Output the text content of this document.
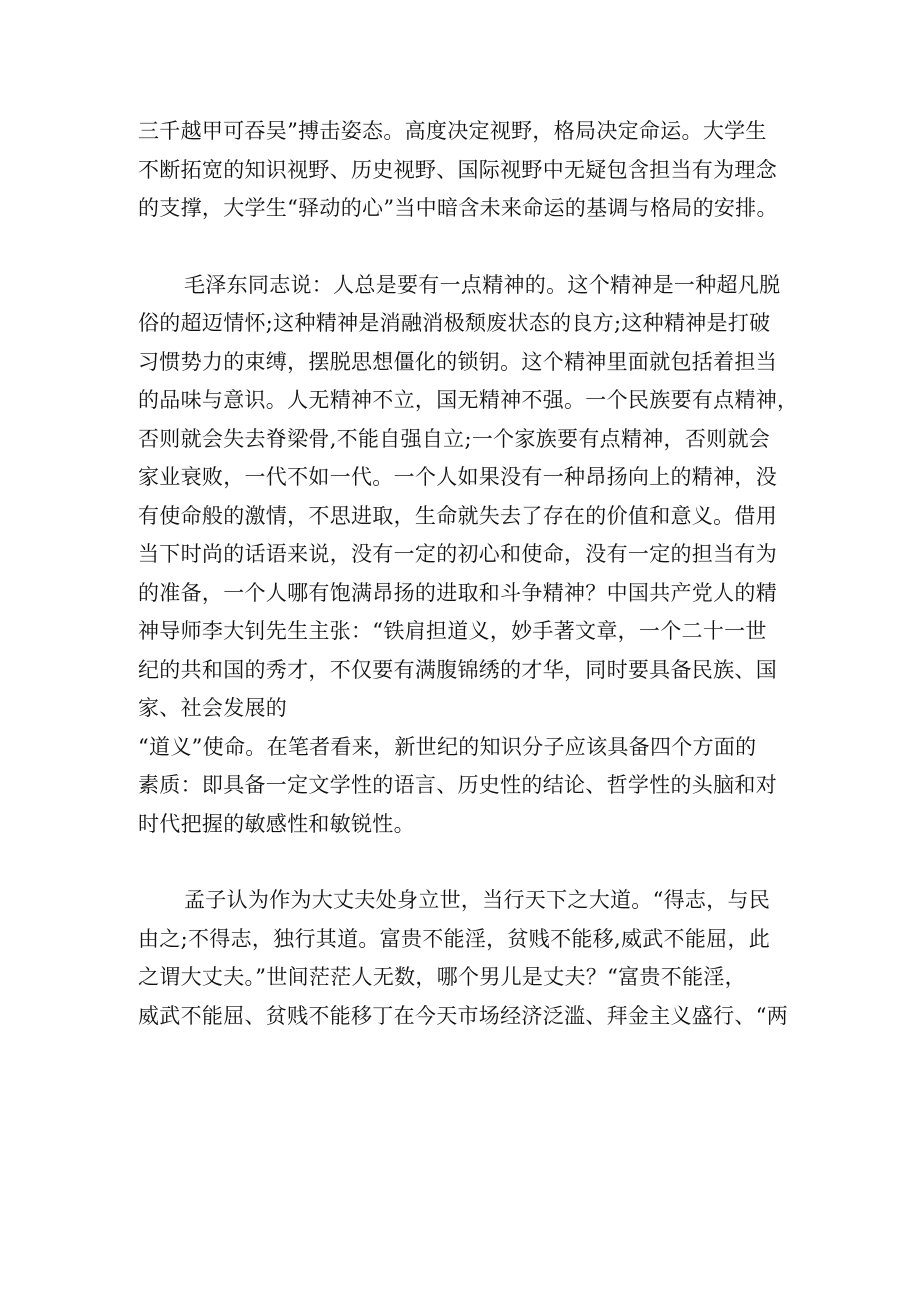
三千越甲可吞吴”搏击姿态。高度决定视野，格局决定命运。大学生
不断拓宽的知识视野、历史视野、国际视野中无疑包含担当有为理念
的支撑，大学生“驿动的心”当中暗含未来命运的基调与格局的安排。
毛泽东同志说：人总是要有一点精神的。这个精神是一种超凡脱
俗的超迈情怀;这种精神是消融消极颓废状态的良方;这种精神是打破
习惯势力的束缚，摆脱思想僵化的锁钥。这个精神里面就包括着担当
的品味与意识。人无精神不立，国无精神不强。一个民族要有点精神，
否则就会失去脊梁骨,不能自强自立;一个家族要有点精神，否则就会
家业衰败，一代不如一代。一个人如果没有一种昂扬向上的精神，没
有使命般的激情，不思进取，生命就失去了存在的价值和意义。借用
当下时尚的话语来说，没有一定的初心和使命，没有一定的担当有为
的准备，一个人哪有饱满昂扬的进取和斗争精神？中国共产党人的精
神导师李大钊先生主张：“铁肩担道义，妙手著文章，一个二十一世
纪的共和国的秀才，不仅要有满腹锦绣的才华，同时要具备民族、国
家、社会发展的
“道义”使命。在笔者看来，新世纪的知识分子应该具备四个方面的
素质：即具备一定文学性的语言、历史性的结论、哲学性的头脑和对
时代把握的敏感性和敏锐性。
孟子认为作为大丈夫处身立世，当行天下之大道。“得志，与民
由之;不得志，独行其道。富贵不能淫，贫贱不能移,威武不能屈，此
之谓大丈夫。”世间茫茫人无数，哪个男儿是丈夫？“富贵不能淫，
威武不能屈、贫贱不能移丁在今天市场经济泛滥、拜金主义盛行、“两
